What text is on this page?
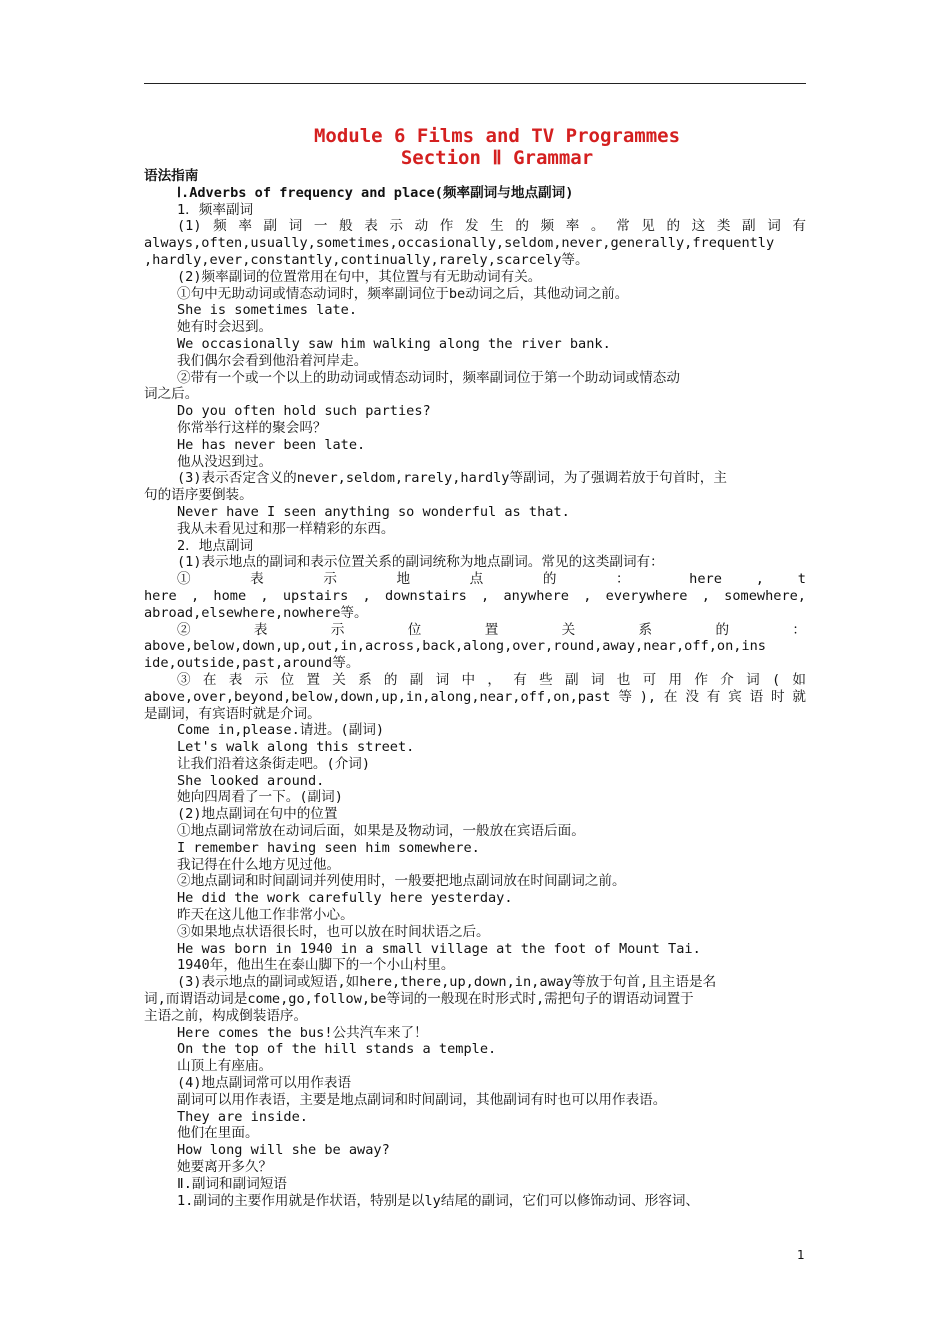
Module 6 Films and TV Programmes
Section Ⅱ Grammar
语法指南
Ⅰ.Adverbs of frequency and place(频率副词与地点副词)
1．频率副词
(1)频率副词一般表示动作发生的频率。常见的这类副词有
always,often,usually,sometimes,occasionally,seldom,never,generally,frequently
,hardly,ever,constantly,continually,rarely,scarcely等。
(2)频率副词的位置常用在句中，其位置与有无助动词有关。
①句中无助动词或情态动词时，频率副词位于be动词之后，其他动词之前。
She is sometimes late.
她有时会迟到。
We occasionally saw him walking along the river bank.
我们偶尔会看到他沿着河岸走。
②带有一个或一个以上的助动词或情态动词时，频率副词位于第一个助动词或情态动
词之后。
Do you often hold such parties?
你常举行这样的聚会吗？
He has never been late.
他从没迟到过。
(3)表示否定含义的never,seldom,rarely,hardly等副词，为了强调若放于句首时，主
句的语序要倒装。
Never have I seen anything so wonderful as that.
我从未看见过和那一样精彩的东西。
2．地点副词
(1)表示地点的副词和表示位置关系的副词统称为地点副词。常见的这类副词有：
① 表 示 地 点 的 ： here , t
here , home , upstairs , downstairs , anywhere , everywhere , somewhere,
abroad,elsewhere,nowhere等。
② 表 示 位 置 关 系 的 ：
above,below,down,up,out,in,across,back,along,over,round,away,near,off,on,ins
ide,outside,past,around等。
③在表示位置关系的副词中，有些副词也可用作介词(如
above,over,beyond,below,down,up,in,along,near,off,on,past等),在没有宾语时就
是副词，有宾语时就是介词。
Come in,please.请进。(副词)
Let's walk along this street.
让我们沿着这条街走吧。(介词)
She looked around.
她向四周看了一下。(副词)
(2)地点副词在句中的位置
①地点副词常放在动词后面，如果是及物动词，一般放在宾语后面。
I remember having seen him somewhere.
我记得在什么地方见过他。
②地点副词和时间副词并列使用时，一般要把地点副词放在时间副词之前。
He did the work carefully here yesterday.
昨天在这儿他工作非常小心。
③如果地点状语很长时，也可以放在时间状语之后。
He was born in 1940 in a small village at the foot of Mount Tai.
1940年，他出生在泰山脚下的一个小山村里。
(3)表示地点的副词或短语,如here,there,up,down,in,away等放于句首,且主语是名
词,而谓语动词是come,go,follow,be等词的一般现在时形式时,需把句子的谓语动词置于
主语之前，构成倒装语序。
Here comes the bus!公共汽车来了！
On the top of the hill stands a temple.
山顶上有座庙。
(4)地点副词常可以用作表语
副词可以用作表语，主要是地点副词和时间副词，其他副词有时也可以用作表语。
They are inside.
他们在里面。
How long will she be away?
她要离开多久？
Ⅱ.副词和副词短语
1.副词的主要作用就是作状语，特别是以ly结尾的副词，它们可以修饰动词、形容词、
1
